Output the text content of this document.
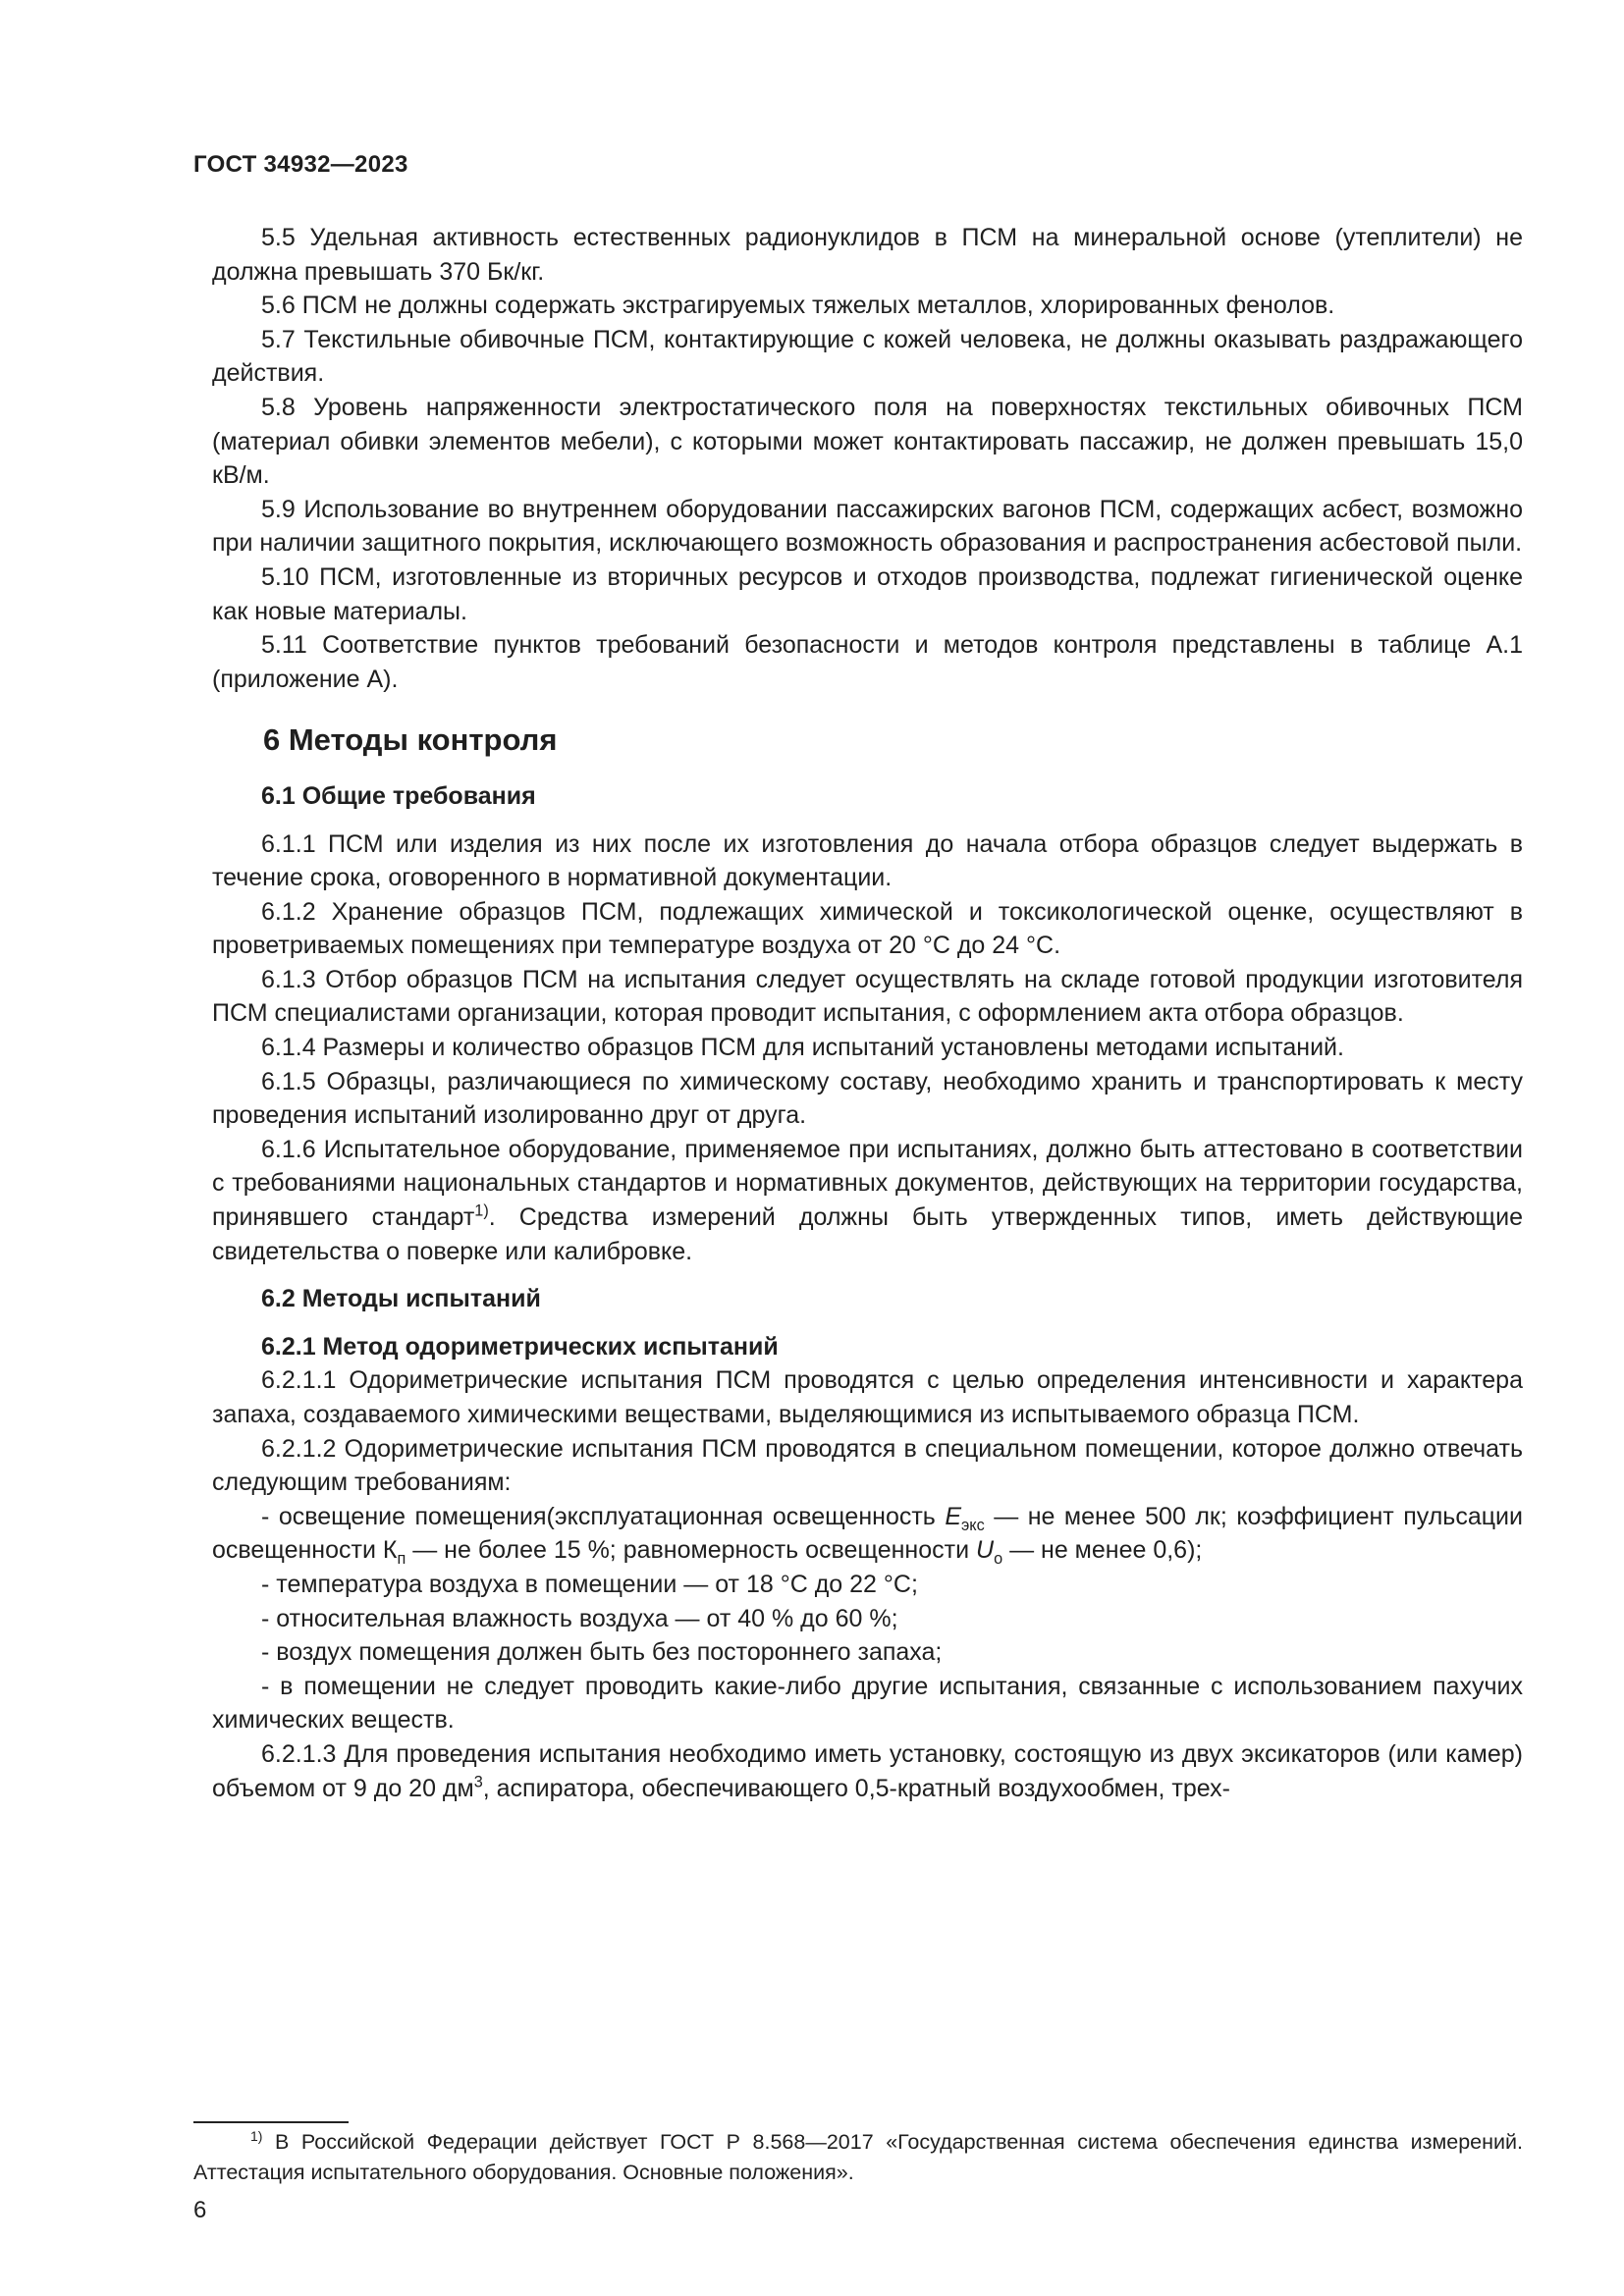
ГОСТ 34932—2023

5.5 Удельная активность естественных радионуклидов в ПСМ на минеральной основе (утеплители) не должна превышать 370 Бк/кг.

5.6 ПСМ не должны содержать экстрагируемых тяжелых металлов, хлорированных фенолов.

5.7 Текстильные обивочные ПСМ, контактирующие с кожей человека, не должны оказывать раздражающего действия.

5.8 Уровень напряженности электростатического поля на поверхностях текстильных обивочных ПСМ (материал обивки элементов мебели), с которыми может контактировать пассажир, не должен превышать 15,0 кВ/м.

5.9 Использование во внутреннем оборудовании пассажирских вагонов ПСМ, содержащих асбест, возможно при наличии защитного покрытия, исключающего возможность образования и распространения асбестовой пыли.

5.10 ПСМ, изготовленные из вторичных ресурсов и отходов производства, подлежат гигиенической оценке как новые материалы.

5.11 Соответствие пунктов требований безопасности и методов контроля представлены в таблице А.1 (приложение А).

6 Методы контроля
6.1 Общие требования

6.1.1 ПСМ или изделия из них после их изготовления до начала отбора образцов следует выдержать в течение срока, оговоренного в нормативной документации.

6.1.2 Хранение образцов ПСМ, подлежащих химической и токсикологической оценке, осуществляют в проветриваемых помещениях при температуре воздуха от 20 °С до 24 °С.

6.1.3 Отбор образцов ПСМ на испытания следует осуществлять на складе готовой продукции изготовителя ПСМ специалистами организации, которая проводит испытания, с оформлением акта отбора образцов.

6.1.4 Размеры и количество образцов ПСМ для испытаний установлены методами испытаний.

6.1.5 Образцы, различающиеся по химическому составу, необходимо хранить и транспортировать к месту проведения испытаний изолированно друг от друга.

6.1.6 Испытательное оборудование, применяемое при испытаниях, должно быть аттестовано в соответствии с требованиями национальных стандартов и нормативных документов, действующих на территории государства, принявшего стандарт$^{1)}$. Средства измерений должны быть утвержденных типов, иметь действующие свидетельства о поверке или калибровке.

6.2 Методы испытаний
6.2.1 Метод одориметрических испытаний

6.2.1.1 Одориметрические испытания ПСМ проводятся с целью определения интенсивности и характера запаха, создаваемого химическими веществами, выделяющимися из испытываемого образца ПСМ.

6.2.1.2 Одориметрические испытания ПСМ проводятся в специальном помещении, которое должно отвечать следующим требованиям:

- освещение помещения(эксплуатационная освещенность $E_{экс}$ — не менее 500 лк; коэффициент пульсации освещенности $К_п$ — не более 15 %; равномерность освещенности $U_о$ — не менее 0,6);

- температура воздуха в помещении — от 18 °С до 22 °С;

- относительная влажность воздуха — от 40 % до 60 %;

- воздух помещения должен быть без постороннего запаха;

- в помещении не следует проводить какие-либо другие испытания, связанные с использованием пахучих химических веществ.

6.2.1.3 Для проведения испытания необходимо иметь установку, состоящую из двух эксикаторов (или камер) объемом от 9 до 20 $дм^3$, аспиратора, обеспечивающего 0,5-кратный воздухообмен, трех-

$^{1)}$ В Российской Федерации действует ГОСТ Р 8.568—2017 «Государственная система обеспечения единства измерений. Аттестация испытательного оборудования. Основные положения».
6
